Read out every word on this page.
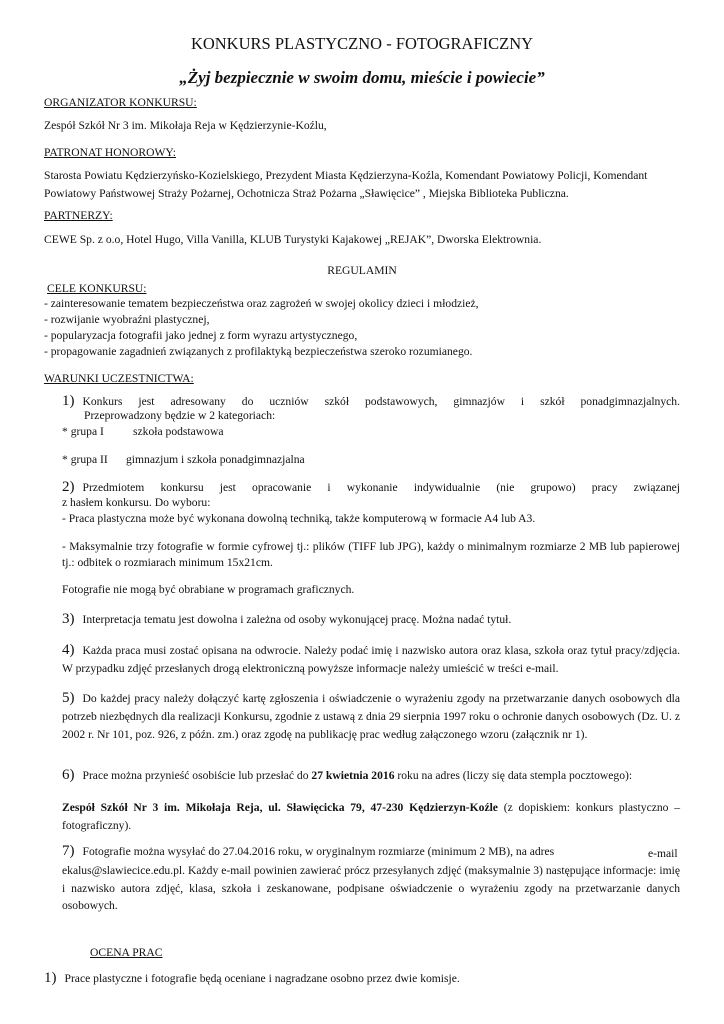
KONKURS PLASTYCZNO - FOTOGRAFICZNY
„Żyj bezpiecznie w swoim domu, mieście i powiecie”
ORGANIZATOR KONKURSU:
Zespół Szkół Nr 3 im. Mikołaja Reja w Kędzierzynie-Koźlu,
PATRONAT HONOROWY:
Starosta Powiatu Kędzierzyńsko-Kozielskiego, Prezydent Miasta Kędzierzyna-Koźla, Komendant Powiatowy Policji, Komendant Powiatowy Państwowej Straży Pożarnej, Ochotnicza Straż Pożarna „Sławięcice” , Miejska Biblioteka Publiczna.
PARTNERZY:
CEWE Sp. z o.o, Hotel Hugo, Villa Vanilla, KLUB Turystyki Kajakowej „REJAK”, Dworska Elektrownia.
REGULAMIN
CELE KONKURSU:
- zainteresowanie tematem bezpieczeństwa oraz zagrożeń w swojej okolicy dzieci i młodzież,
- rozwijanie wyobraźni plastycznej,
- popularyzacja fotografii jako jednej z form wyrazu artystycznego,
- propagowanie zagadnień związanych z profilaktyką bezpieczeństwa szeroko rozumianego.
WARUNKI UCZESTNICTWA:
1) Konkurs jest adresowany do uczniów szkół podstawowych, gimnazjów i szkół ponadgimnazjalnych.
Przeprowadzony będzie w 2 kategoriach:
* grupa I	szkoła podstawowa
* grupa II gimnazjum i szkoła ponadgimnazjalna
2) Przedmiotem konkursu jest opracowanie i wykonanie indywidualnie (nie grupowo) pracy związanej
z hasłem konkursu. Do wyboru:
- Praca plastyczna może być wykonana dowolną techniką, także komputerową w formacie A4 lub A3.
- Maksymalnie trzy fotografie w formie cyfrowej tj.: plików (TIFF lub JPG), każdy o minimalnym rozmiarze 2 MB lub papierowej tj.: odbitek o rozmiarach minimum 15x21cm.
Fotografie nie mogą być obrabiane w programach graficznych.
3) Interpretacja tematu jest dowolna i zależna od osoby wykonującej pracę. Można nadać tytuł.
4) Każda praca musi zostać opisana na odwrocie. Należy podać imię i nazwisko autora oraz klasa, szkoła oraz tytuł pracy/zdjęcia. W przypadku zdjęć przesłanych drogą elektroniczną powyższe informacje należy umieścić w treści e-mail.
5) Do każdej pracy należy dołączyć kartę zgłoszenia i oświadczenie o wyrażeniu zgody na przetwarzanie danych osobowych dla potrzeb niezbędnych dla realizacji Konkursu, zgodnie z ustawą z dnia 29 sierpnia 1997 roku o ochronie danych osobowych (Dz. U. z 2002 r. Nr 101, poz. 926, z późn. zm.) oraz zgodę na publikację prac według załączonego wzoru (załącznik nr 1).
6) Prace można przynieść osobiście lub przesłać do 27 kwietnia 2016 roku na adres (liczy się data stempla pocztowego):
Zespół Szkół Nr 3 im. Mikołaja Reja, ul. Sławięcicka 79, 47-230 Kędzierzyn-Koźle (z dopiskiem: konkurs plastyczno – fotograficzny).
7) Fotografie można wysyłać do 27.04.2016 roku, w oryginalnym rozmiarze (minimum 2 MB), na adres	e-mail
ekalus@slawiecice.edu.pl. Każdy e-mail powinien zawierać prócz przesyłanych zdjęć (maksymalnie 3) następujące informacje: imię i nazwisko autora zdjęć, klasa, szkoła i zeskanowane, podpisane oświadczenie o wyrażeniu zgody na przetwarzanie danych osobowych.
OCENA PRAC
1) Prace plastyczne i fotografie będą oceniane i nagradzane osobno przez dwie komisje.
